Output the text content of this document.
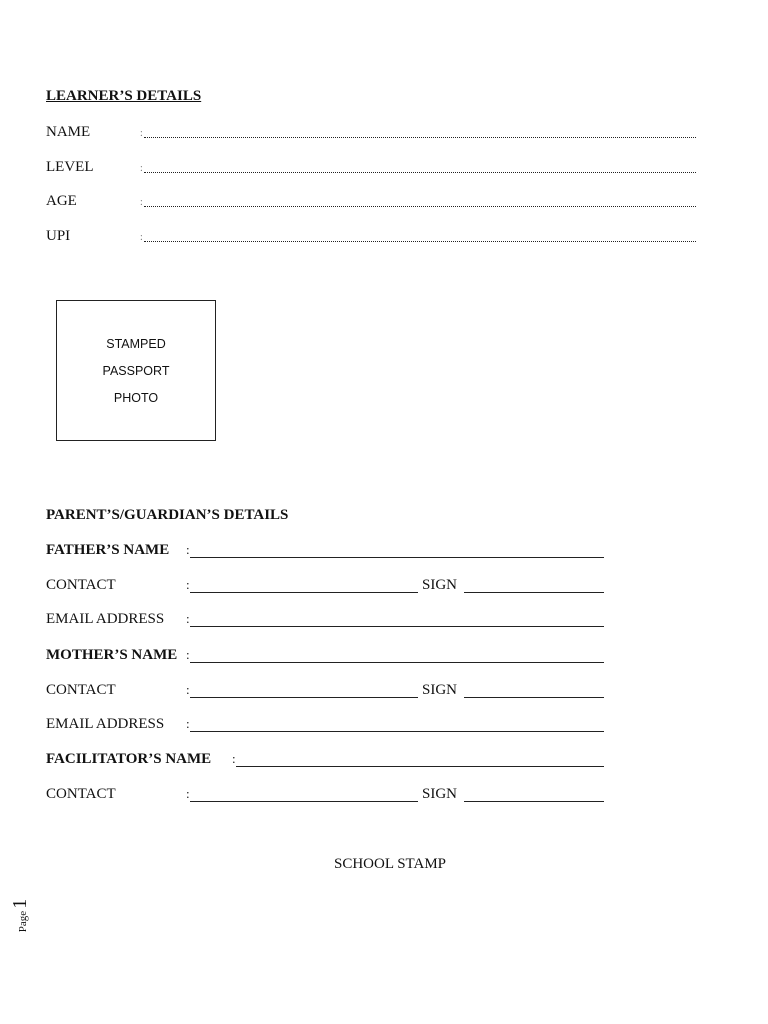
LEARNER’S DETAILS
NAME	:
LEVEL	:
AGE	:
UPI	:
STAMPED
PASSPORT
PHOTO
PARENT’S/GUARDIAN’S DETAILS
FATHER’S NAME :
CONTACT	:	SIGN
EMAIL ADDRESS :
MOTHER’S NAME :
CONTACT	:	SIGN
EMAIL ADDRESS :
FACILITATOR’S NAME :
CONTACT	:	SIGN
SCHOOL STAMP
Page1
